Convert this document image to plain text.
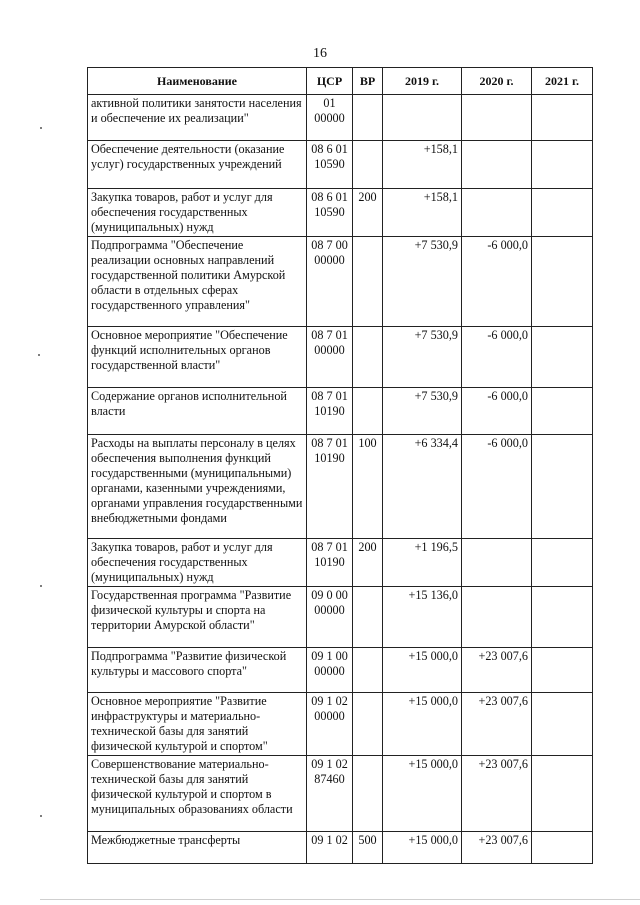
16
Наименование	ЦСР	ВР	2019 г.	2020 г.	2021 г.
активной политики занятости населения и обеспечение их реализации"	01 00000				
Обеспечение деятельности (оказание услуг) государственных учреждений	08 6 01 10590		+158,1		
Закупка товаров, работ и услуг для обеспечения государственных (муниципальных) нужд	08 6 01 10590	200	+158,1		
Подпрограмма "Обеспечение реализации основных направлений государственной политики Амурской области в отдельных сферах государственного управления"	08 7 00 00000		+7 530,9	-6 000,0	
Основное мероприятие "Обеспечение функций исполнительных органов государственной власти"	08 7 01 00000		+7 530,9	-6 000,0	
Содержание органов исполнительной власти	08 7 01 10190		+7 530,9	-6 000,0	
Расходы на выплаты персоналу в целях обеспечения выполнения функций государственными (муниципальными) органами, казенными учреждениями, органами управления государственными внебюджетными фондами	08 7 01 10190	100	+6 334,4	-6 000,0	
Закупка товаров, работ и услуг для обеспечения государственных (муниципальных) нужд	08 7 01 10190	200	+1 196,5		
Государственная программа "Развитие физической культуры и спорта на территории Амурской области"	09 0 00 00000		+15 136,0		
Подпрограмма "Развитие физической культуры и массового спорта"	09 1 00 00000		+15 000,0	+23 007,6	
Основное мероприятие "Развитие инфраструктуры и материально-технической базы для занятий физической культурой и спортом"	09 1 02 00000		+15 000,0	+23 007,6	
Совершенствование материально-технической базы для занятий физической культурой и спортом в муниципальных образованиях области	09 1 02 87460		+15 000,0	+23 007,6	
Межбюджетные трансферты	09 1 02	500	+15 000,0	+23 007,6	
